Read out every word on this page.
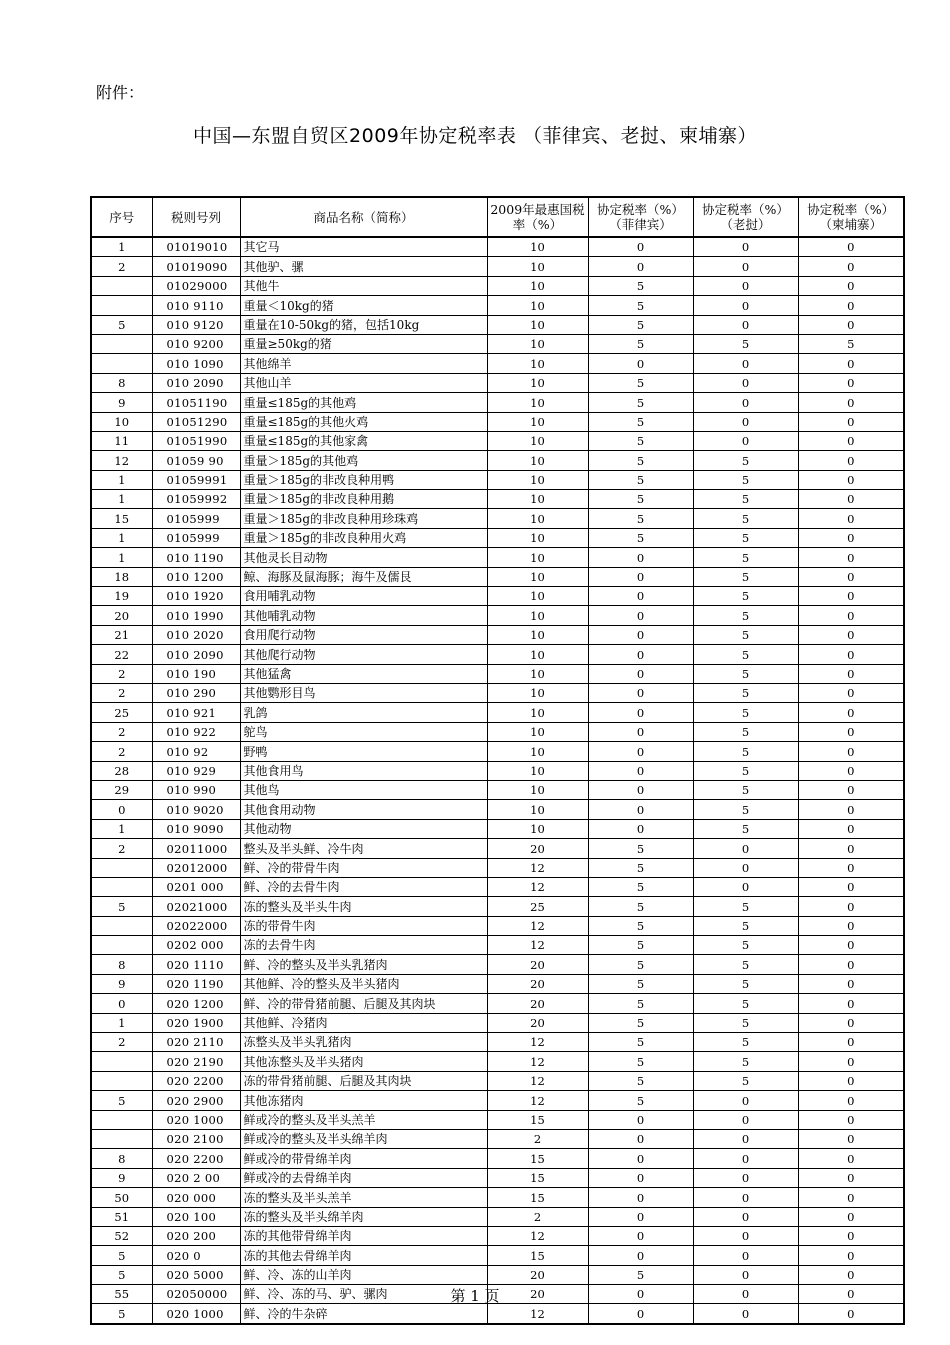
附件：
中国—东盟自贸区2009年协定税率表 （菲律宾、老挝、柬埔寨）
序号	税则号列	商品名称（简称）	2009年最惠国税率（%）	协定税率（%）（菲律宾）	协定税率（%）（老挝）	协定税率（%）（柬埔寨）
1	01019010	其它马	10	0	0	0
2	01019090	其他驴、骡	10	0	0	0
	01029000	其他牛	10	5	0	0
	010 9110	重量＜10kg的猪	10	5	0	0
5	010 9120	重量在10-50kg的猪，包括10kg	10	5	0	0
	010 9200	重量≥50kg的猪	10	5	5	5
	010 1090	其他绵羊	10	0	0	0
8	010 2090	其他山羊	10	5	0	0
9	01051190	重量≤185g的其他鸡	10	5	0	0
10	01051290	重量≤185g的其他火鸡	10	5	0	0
11	01051990	重量≤185g的其他家禽	10	5	0	0
12	01059 90	重量＞185g的其他鸡	10	5	5	0
1	01059991	重量＞185g的非改良种用鸭	10	5	5	0
1	01059992	重量＞185g的非改良种用鹅	10	5	5	0
15	0105999	重量＞185g的非改良种用珍珠鸡	10	5	5	0
1	0105999	重量＞185g的非改良种用火鸡	10	5	5	0
1	010 1190	其他灵长目动物	10	0	5	0
18	010 1200	鲸、海豚及鼠海豚；海牛及儒艮	10	0	5	0
19	010 1920	食用哺乳动物	10	0	5	0
20	010 1990	其他哺乳动物	10	0	5	0
21	010 2020	食用爬行动物	10	0	5	0
22	010 2090	其他爬行动物	10	0	5	0
2	010 190	其他猛禽	10	0	5	0
2	010 290	其他鹦形目鸟	10	0	5	0
25	010 921	乳鸽	10	0	5	0
2	010 922	鸵鸟	10	0	5	0
2	010 92	野鸭	10	0	5	0
28	010 929	其他食用鸟	10	0	5	0
29	010 990	其他鸟	10	0	5	0
0	010 9020	其他食用动物	10	0	5	0
1	010 9090	其他动物	10	0	5	0
2	02011000	整头及半头鲜、冷牛肉	20	5	0	0
	02012000	鲜、冷的带骨牛肉	12	5	0	0
	0201 000	鲜、冷的去骨牛肉	12	5	0	0
5	02021000	冻的整头及半头牛肉	25	5	5	0
	02022000	冻的带骨牛肉	12	5	5	0
	0202 000	冻的去骨牛肉	12	5	5	0
8	020 1110	鲜、冷的整头及半头乳猪肉	20	5	5	0
9	020 1190	其他鲜、冷的整头及半头猪肉	20	5	5	0
0	020 1200	鲜、冷的带骨猪前腿、后腿及其肉块	20	5	5	0
1	020 1900	其他鲜、冷猪肉	20	5	5	0
2	020 2110	冻整头及半头乳猪肉	12	5	5	0
	020 2190	其他冻整头及半头猪肉	12	5	5	0
	020 2200	冻的带骨猪前腿、后腿及其肉块	12	5	5	0
5	020 2900	其他冻猪肉	12	5	0	0
	020 1000	鲜或冷的整头及半头羔羊	15	0	0	0
	020 2100	鲜或冷的整头及半头绵羊肉	2	0	0	0
8	020 2200	鲜或冷的带骨绵羊肉	15	0	0	0
9	020 2 00	鲜或冷的去骨绵羊肉	15	0	0	0
50	020 000	冻的整头及半头羔羊	15	0	0	0
51	020 100	冻的整头及半头绵羊肉	2	0	0	0
52	020 200	冻的其他带骨绵羊肉	12	0	0	0
5	020 0	冻的其他去骨绵羊肉	15	0	0	0
5	020 5000	鲜、冷、冻的山羊肉	20	5	0	0
55	02050000	鲜、冷、冻的马、驴、骡肉	20	0	0	0
5	020 1000	鲜、冷的牛杂碎	12	0	0	0
第 1 页
